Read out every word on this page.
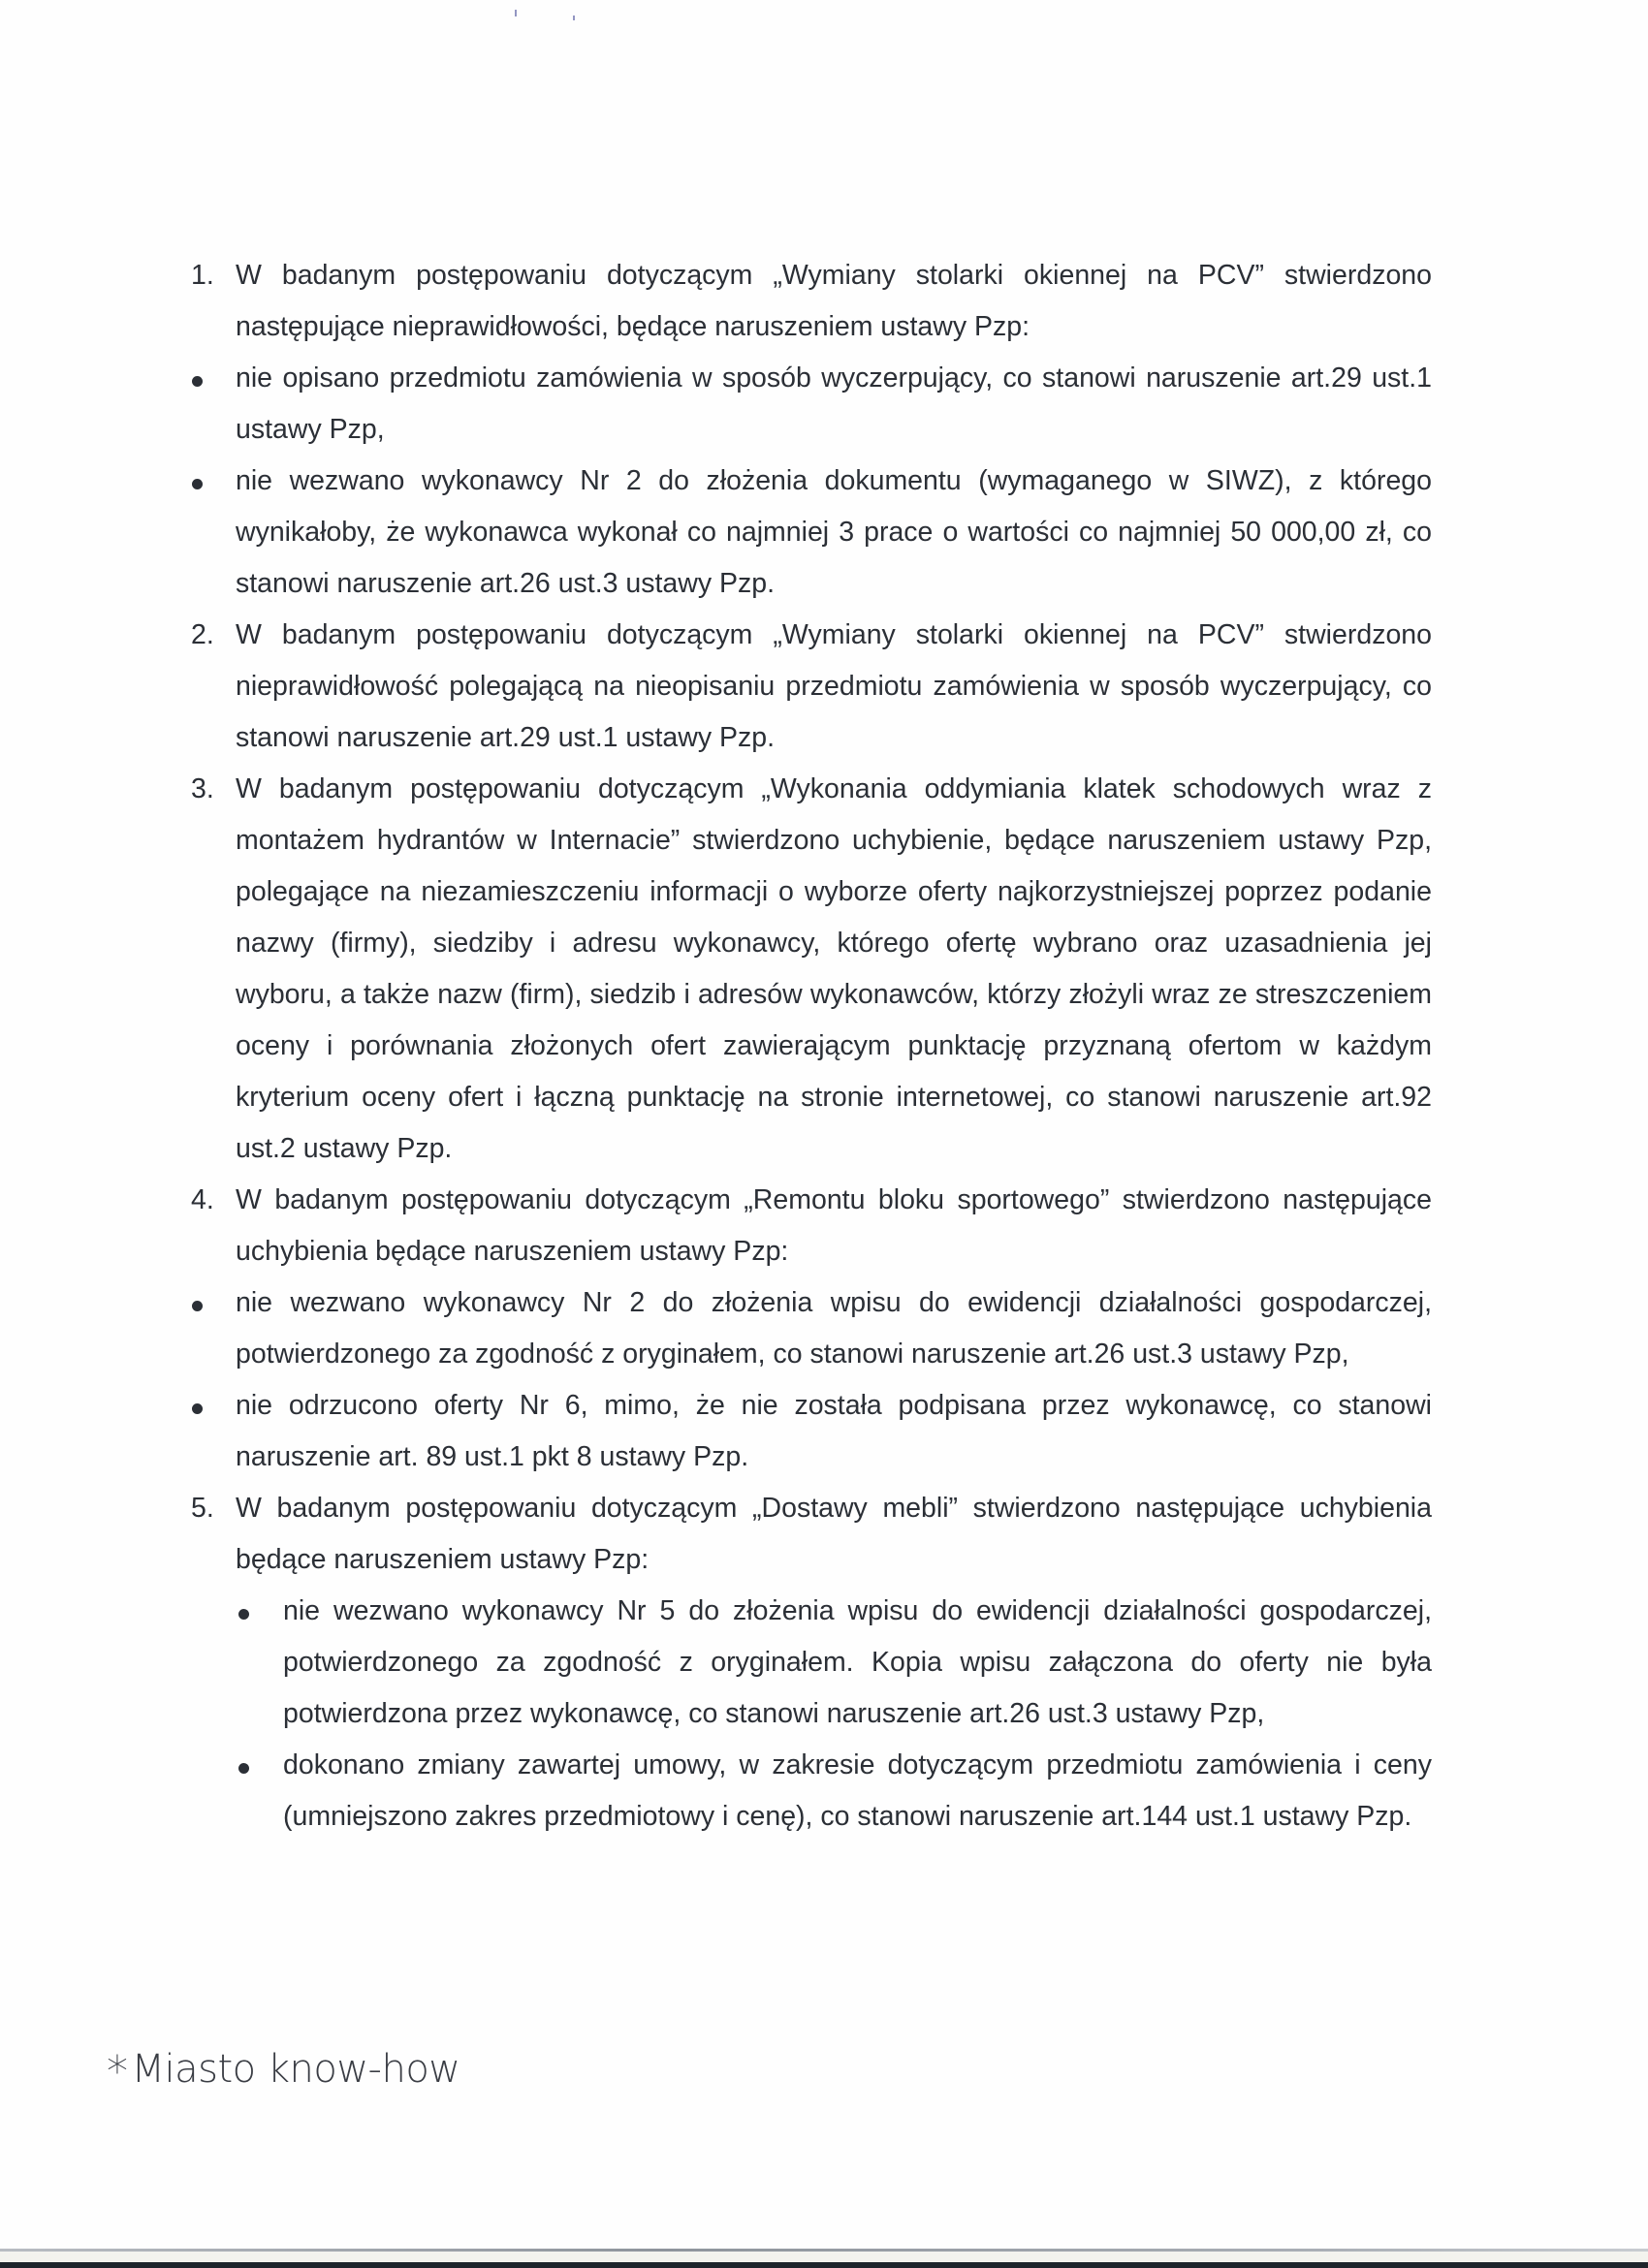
1. W badanym postępowaniu dotyczącym „Wymiany stolarki okiennej na PCV” stwierdzono następujące nieprawidłowości, będące naruszeniem ustawy Pzp:
nie opisano przedmiotu zamówienia w sposób wyczerpujący, co stanowi naruszenie art.29 ust.1 ustawy Pzp,
nie wezwano wykonawcy Nr 2 do złożenia dokumentu (wymaganego w SIWZ), z którego wynikałoby, że wykonawca wykonał co najmniej 3 prace o wartości co najmniej 50 000,00 zł, co stanowi naruszenie art.26 ust.3 ustawy Pzp.
2. W badanym postępowaniu dotyczącym „Wymiany stolarki okiennej na PCV” stwierdzono nieprawidłowość polegającą na nieopisaniu przedmiotu zamówienia w sposób wyczerpujący, co stanowi naruszenie art.29 ust.1 ustawy Pzp.
3. W badanym postępowaniu dotyczącym „Wykonania oddymiania klatek schodowych wraz z montażem hydrantów w Internacie” stwierdzono uchybienie, będące naruszeniem ustawy Pzp, polegające na niezamieszczeniu informacji o wyborze oferty najkorzystniejszej poprzez podanie nazwy (firmy), siedziby i adresu wykonawcy, którego ofertę wybrano oraz uzasadnienia jej wyboru, a także nazw (firm), siedzib i adresów wykonawców, którzy złożyli wraz ze streszczeniem oceny i porównania złożonych ofert zawierającym punktację przyznaną ofertom w każdym kryterium oceny ofert i łączną punktację na stronie internetowej, co stanowi naruszenie art.92 ust.2 ustawy Pzp.
4. W badanym postępowaniu dotyczącym „Remontu bloku sportowego” stwierdzono następujące uchybienia będące naruszeniem ustawy Pzp:
nie wezwano wykonawcy Nr 2 do złożenia wpisu do ewidencji działalności gospodarczej, potwierdzonego za zgodność z oryginałem, co stanowi naruszenie art.26 ust.3 ustawy Pzp,
nie odrzucono oferty Nr 6, mimo, że nie została podpisana przez wykonawcę, co stanowi naruszenie art. 89 ust.1 pkt 8 ustawy Pzp.
5. W badanym postępowaniu dotyczącym „Dostawy mebli” stwierdzono następujące uchybienia będące naruszeniem ustawy Pzp:
nie wezwano wykonawcy Nr 5 do złożenia wpisu do ewidencji działalności gospodarczej, potwierdzonego za zgodność z oryginałem. Kopia wpisu załączona do oferty nie była potwierdzona przez wykonawcę, co stanowi naruszenie art.26 ust.3 ustawy Pzp,
dokonano zmiany zawartej umowy, w zakresie dotyczącym przedmiotu zamówienia i ceny (umniejszono zakres przedmiotowy i cenę), co stanowi naruszenie art.144 ust.1 ustawy Pzp.
* Miasto know-how
